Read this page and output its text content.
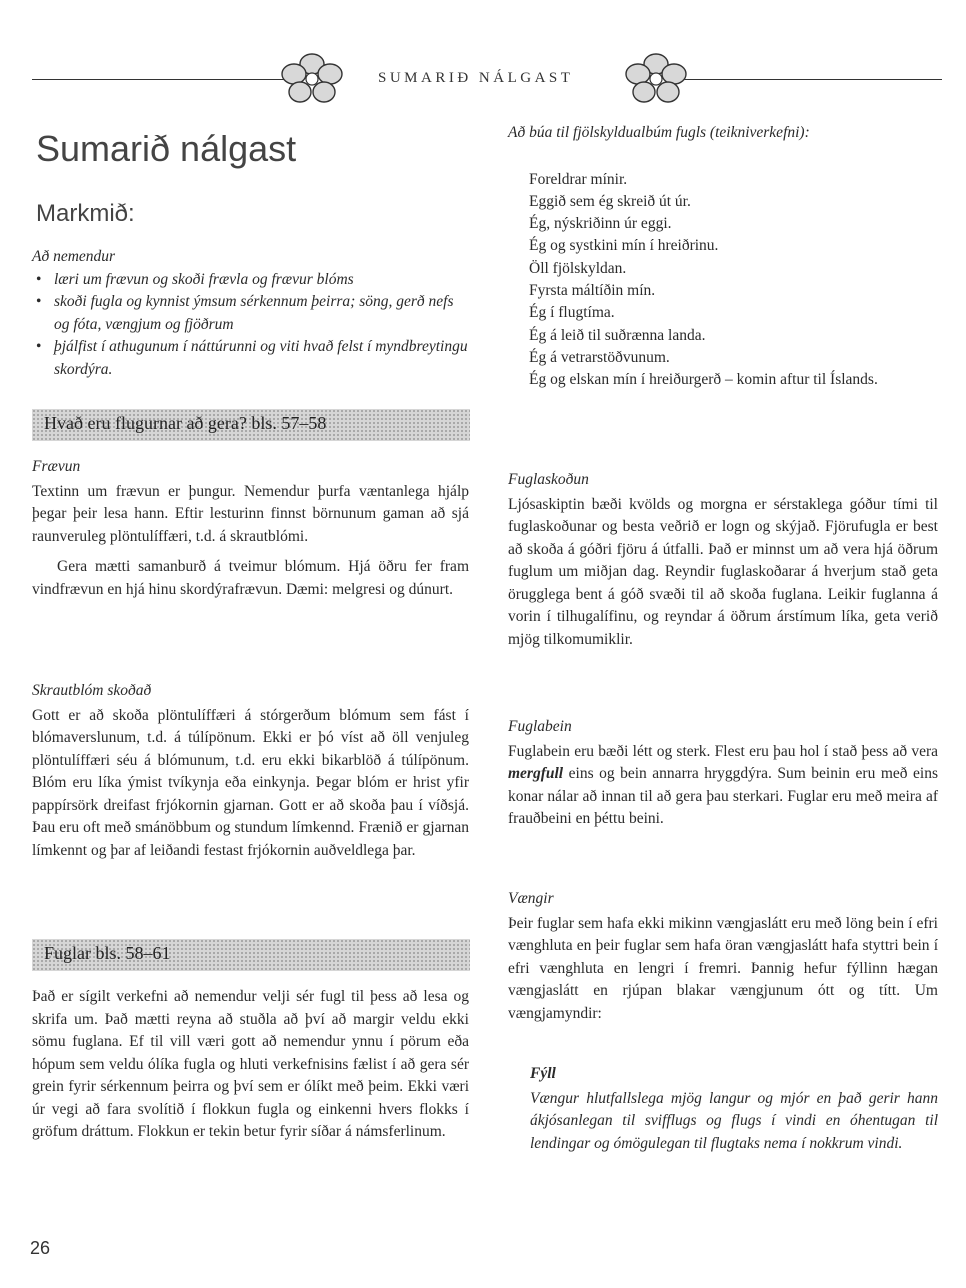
SUMARIÐ NÁLGAST
Sumarið nálgast
Markmið:

Að nemendur

• læri um frævun og skoði frævla og frævur blóms
• skoði fugla og kynnist ýmsum sérkennum þeirra; söng, gerð nefs og fóta, vængjum og fjöðrum
• þjálfist í athugunum í náttúrunni og viti hvað felst í myndbreytingu skordýra.
Hvað eru flugurnar að gera? bls. 57–58

Frævun

Textinn um frævun er þungur. Nemendur þurfa væntanlega hjálp þegar þeir lesa hann. Eftir lesturinn finnst börnunum gaman að sjá raunveruleg plöntulíffæri, t.d. á skrautblómi.

Gera mætti samanburð á tveimur blómum. Hjá öðru fer fram vindfrævun en hjá hinu skordýrafrævun. Dæmi: melgresi og dúnurt.

Skrautblóm skoðað

Gott er að skoða plöntulíffæri á stórgerðum blómum sem fást í blómaverslunum, t.d. á túlípönum. Ekki er þó víst að öll venjuleg plöntulíffæri séu á blómunum, t.d. eru ekki bikarblöð á túlípönum. Blóm eru líka ýmist tvíkynja eða einkynja. Þegar blóm er hrist yfir pappírsörk dreifast frjókornin gjarnan. Gott er að skoða þau í víðsjá. Þau eru oft með smánöbbum og stundum límkennd. Frænið er gjarnan límkennt og þar af leiðandi festast frjókornin auðveldlega þar.

Fuglar bls. 58–61

Það er sígilt verkefni að nemendur velji sér fugl til þess að lesa og skrifa um. Það mætti reyna að stuðla að því að margir veldu ekki sömu fuglana. Ef til vill væri gott að nemendur ynnu í pörum eða hópum sem veldu ólíka fugla og hluti verkefnisins fælist í að gera sér grein fyrir sérkennum þeirra og því sem er ólíkt með þeim. Ekki væri úr vegi að fara svolítið í flokkun fugla og einkenni hvers flokks í gröfum dráttum. Flokkun er tekin betur fyrir síðar á námsferlinum.

Að búa til fjölskyldualbúm fugls (teikniverkefni):

Foreldrar mínir.
Eggið sem ég skreið út úr.
Ég, nýskriðinn úr eggi.
Ég og systkini mín í hreiðrinu.
Öll fjölskyldan.
Fyrsta máltíðin mín.
Ég í flugtíma.
Ég á leið til suðrænna landa.
Ég á vetrarstöðvunum.
Ég og elskan mín í hreiðurgerð – komin aftur til Íslands.

Fuglaskoðun

Ljósaskiptin bæði kvölds og morgna er sérstaklega góður tími til fuglaskoðunar og besta veðrið er logn og skýjað. Fjörufugla er best að skoða á góðri fjöru á útfalli. Það er minnst um að vera hjá öðrum fuglum um miðjan dag. Reyndir fuglaskoðarar á hverjum stað geta örugglega bent á góð svæði til að skoða fuglana. Leikir fuglanna á vorin í tilhugalífinu, og reyndar á öðrum árstímum líka, geta verið mjög tilkomumiklir.

Fuglabein

Fuglabein eru bæði létt og sterk. Flest eru þau hol í stað þess að vera mergfull eins og bein annarra hryggdýra. Sum beinin eru með eins konar nálar að innan til að gera þau sterkari. Fuglar eru með meira af frauðbeini en þéttu beini.

Vængir

Þeir fuglar sem hafa ekki mikinn vængjaslátt eru með löng bein í efri vænghluta en þeir fuglar sem hafa öran vængjaslátt hafa styttri bein í efri vænghluta en lengri í fremri. Þannig hefur fýllinn hægan vængjaslátt en rjúpan blakar vængjunum ótt og títt. Um vængjamyndir:

Fýll

Vængur hlutfallslega mjög langur og mjór en það gerir hann ákjósanlegan til svifflugs og flugs í vindi en óhentugan til lendingar og ómögulegan til flugtaks nema í nokkrum vindi.

26
